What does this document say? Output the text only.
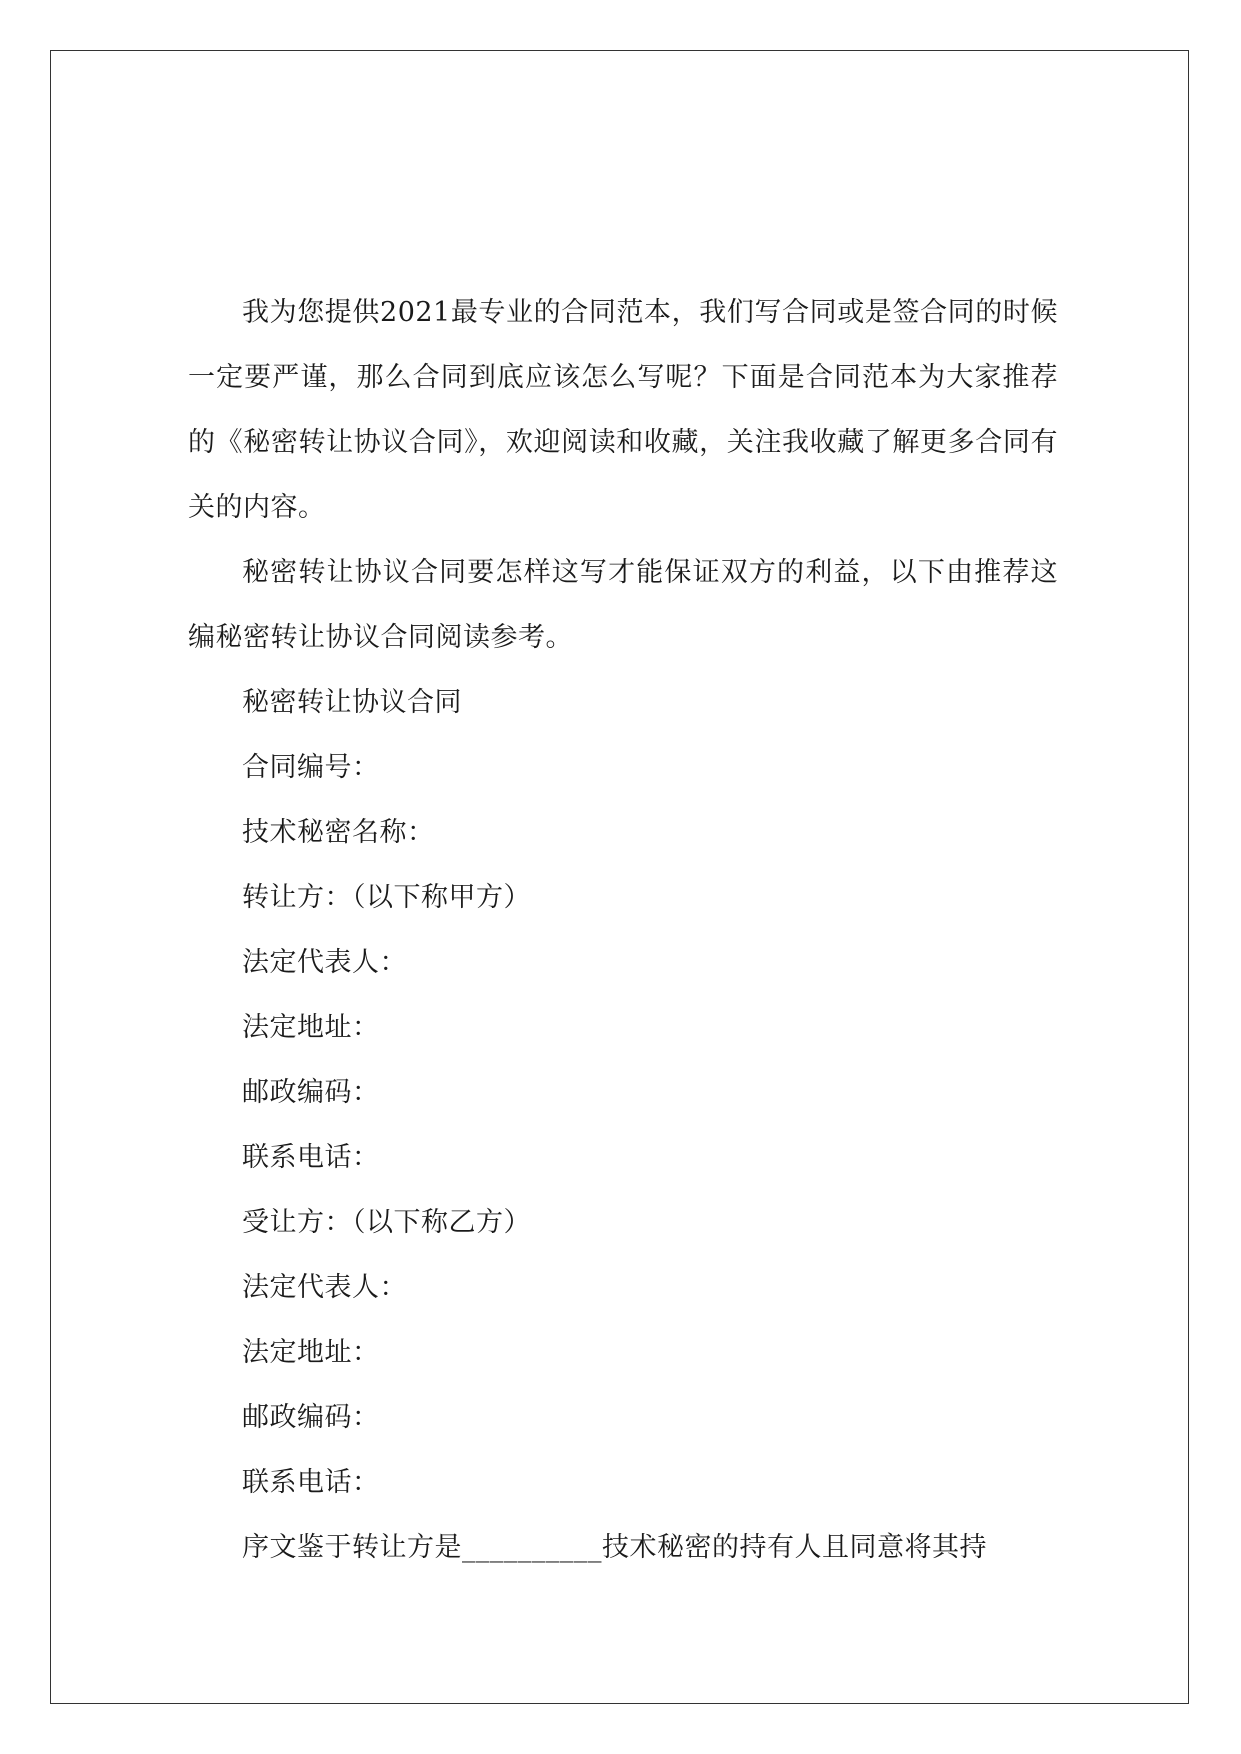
我为您提供2021最专业的合同范本，我们写合同或是签合同的时候一定要严谨，那么合同到底应该怎么写呢？下面是合同范本为大家推荐的《秘密转让协议合同》，欢迎阅读和收藏，关注我收藏了解更多合同有关的内容。

秘密转让协议合同要怎样这写才能保证双方的利益，以下由推荐这编秘密转让协议合同阅读参考。

秘密转让协议合同

合同编号：

技术秘密名称：

转让方：（以下称甲方）

法定代表人：

法定地址：

邮政编码：

联系电话：

受让方：（以下称乙方）

法定代表人：

法定地址：

邮政编码：

联系电话：

序文鉴于转让方是__________技术秘密的持有人且同意将其持
